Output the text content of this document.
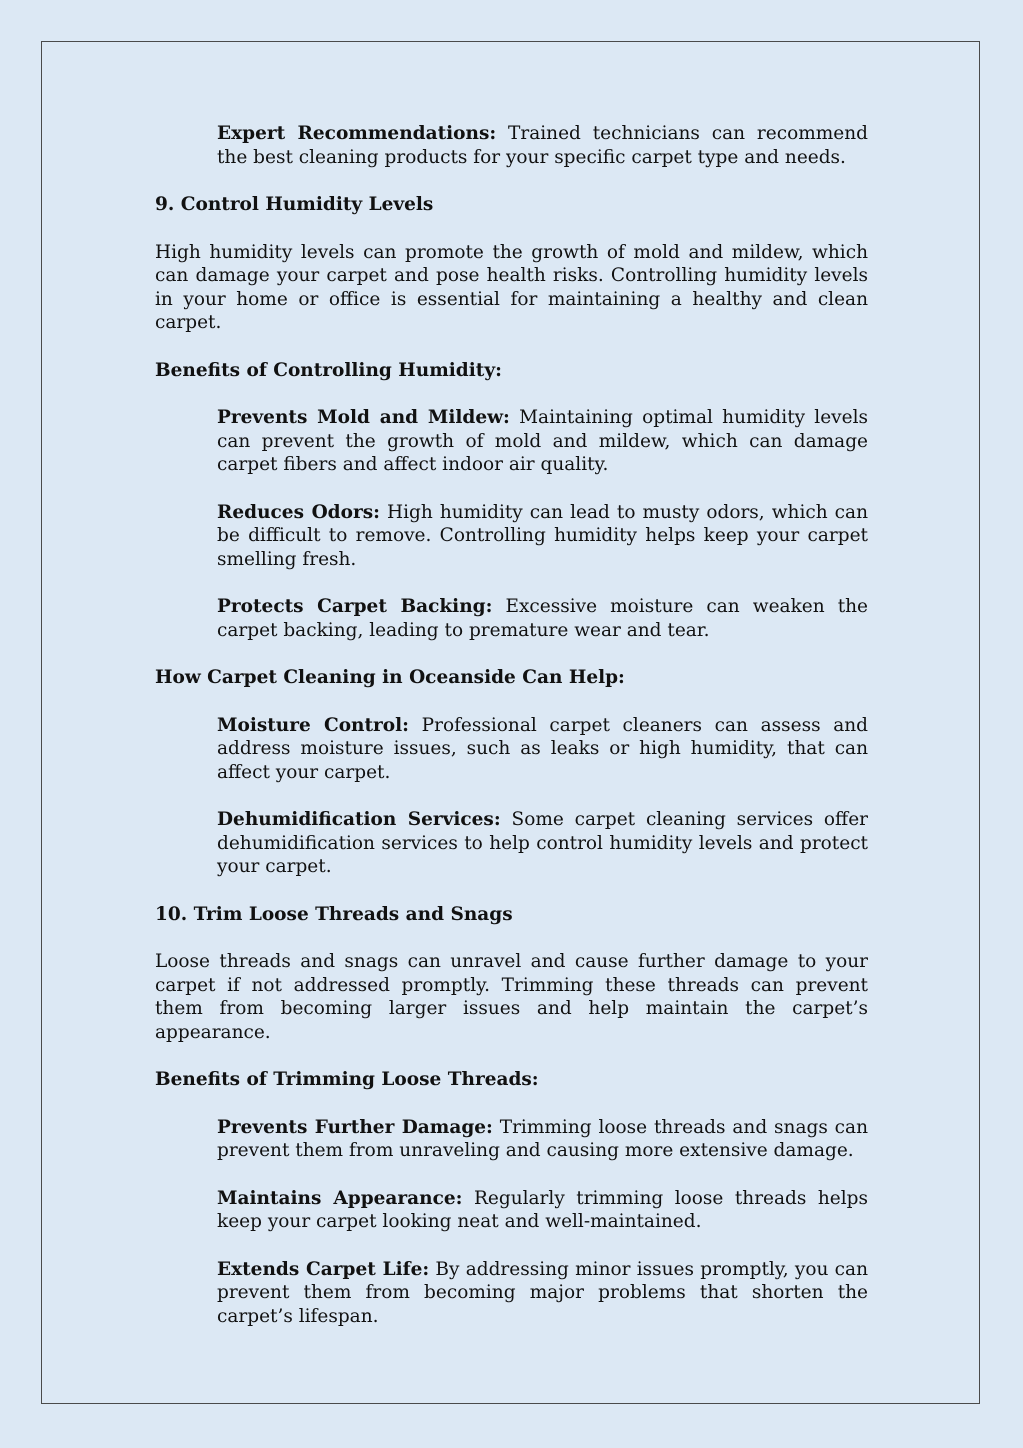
Expert Recommendations: Trained technicians can recommend the best cleaning products for your specific carpet type and needs.

9. Control Humidity Levels

High humidity levels can promote the growth of mold and mildew, which can damage your carpet and pose health risks. Controlling humidity levels in your home or office is essential for maintaining a healthy and clean carpet.

Benefits of Controlling Humidity:

Prevents Mold and Mildew: Maintaining optimal humidity levels can prevent the growth of mold and mildew, which can damage carpet fibers and affect indoor air quality.

Reduces Odors: High humidity can lead to musty odors, which can be difficult to remove. Controlling humidity helps keep your carpet smelling fresh.

Protects Carpet Backing: Excessive moisture can weaken the carpet backing, leading to premature wear and tear.

How Carpet Cleaning in Oceanside Can Help:

Moisture Control: Professional carpet cleaners can assess and address moisture issues, such as leaks or high humidity, that can affect your carpet.

Dehumidification Services: Some carpet cleaning services offer dehumidification services to help control humidity levels and protect your carpet.

10. Trim Loose Threads and Snags

Loose threads and snags can unravel and cause further damage to your carpet if not addressed promptly. Trimming these threads can prevent them from becoming larger issues and help maintain the carpet’s appearance.

Benefits of Trimming Loose Threads:

Prevents Further Damage: Trimming loose threads and snags can prevent them from unraveling and causing more extensive damage.

Maintains Appearance: Regularly trimming loose threads helps keep your carpet looking neat and well-maintained.

Extends Carpet Life: By addressing minor issues promptly, you can prevent them from becoming major problems that shorten the carpet’s lifespan.
